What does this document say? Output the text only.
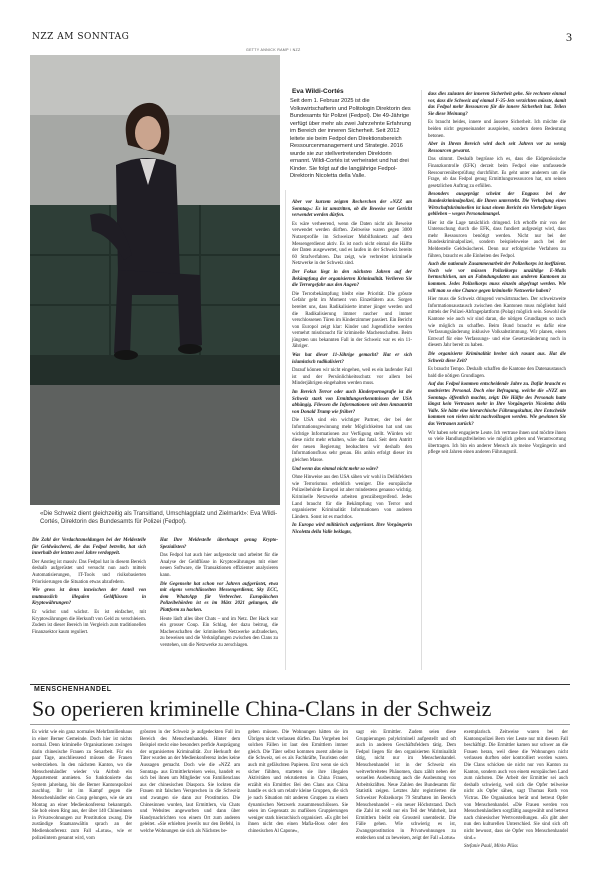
NZZ AM SONNTAG	3
GETTY ANNICK RAMP / NZZ
«Die Schweiz dient gleichzeitig als Transitland, Umschlagplatz und Zielmarkt»: Eva Wildi-Cortés, Direktorin des Bundesamts für Polizei (Fedpol).
Eva Wildi-Cortés
Seit dem 1. Februar 2025 ist die Volkswirtschafterin und Politologin Direktorin des Bundesamts für Polizei (Fedpol). Die 49-Jährige verfügt über mehr als zwei Jahrzehnte Erfahrung im Bereich der inneren Sicherheit. Seit 2012 leitete sie beim Fedpol den Direktionsbereich Ressourcenmanagement und Strategie. 2016 wurde sie zur stellvertretenden Direktorin ernannt. Wildi-Cortés ist verheiratet und hat drei Kinder. Sie folgt auf die langjährige Fedpol-Direktorin Nicoletta della Valle.

Die Zahl der Verdachtsmeldungen bei der Meldestelle für Geldwäscherei, die das Fedpol betreibt, hat sich innerhalb der letzten zwei Jahre verdoppelt.

Der Anstieg ist massiv. Das Fedpol hat in diesem Bereich deshalb aufgerüstet und versucht nun auch mittels Automatisierungen, IT-Tools und risikobasierten Priorisierungen die Situation etwas abzufedern.

Wie gross ist denn inzwischen der Anteil von mutmasslich illegalen Geldflüssen in Kryptowährungen?

Er wächst und wächst. Es ist einfacher, mit Kryptowährungen die Herkunft von Geld zu verschleiern. Zudem ist dieser Bereich im Vergleich zum traditionellen Finanzsektor kaum reguliert.

Hat Ihre Meldestelle überhaupt genug Krypto-Spezialisten?

Das Fedpol hat auch hier aufgestockt und arbeitet für die Analyse der Geldflüsse in Kryptowährungen mit einer neuen Software, die Transaktionen effizienter analysieren kann.

Die Gegenseite hat schon vor Jahren aufgerüstet, etwa mit eigens verschlüsselten Messengerdienst, Sky ECC, dem WhatsApp für Verbrecher. Europäischen Polizeibehörden ist es im März 2021 gelungen, die Plattform zu hacken.

Heute läuft alles über Chats – und im Netz. Der Hack war ein grosser Coup. Ein Schlag, der dazu beitrug, die Machenschaften der kriminellen Netzwerke aufzudecken, zu beweisen und die Verknüpfungen zwischen den Clans zu verstehen, um die Netzwerke zu zerschlagen.

Aber vor kurzem zeigten Recherchen der «NZZ am Sonntag»: Es ist umstritten, ob die Beweise vor Gericht verwendet werden dürfen.

Es wäre verheerend, wenn die Daten nicht als Beweise verwendet werden dürften. Zeitweise waren gegen 3000 Nutzerprofile im Schweizer Mobilfunknetz auf dem Messengerdienst aktiv. Es ist noch nicht einmal die Hälfte der Daten ausgewertet, und es laufen in der Schweiz bereits 60 Strafverfahren. Das zeigt, wie verbreitet kriminelle Netzwerke in der Schweiz sind.

Der Fokus liegt in den nächsten Jahren auf der Bekämpfung der organisierten Kriminalität. Verlieren Sie die Terrorgefahr aus den Augen?

Die Terrorbekämpfung bleibt eine Priorität. Die grösste Gefahr geht im Moment von Einzeltätern aus. Sorgen bereitet uns, dass Radikalisierte immer jünger werden und die Radikalisierung immer rascher und immer verschlossenen Türen im Kinderzimmer passiert. Ein Bericht von Europol zeigt klar: Kinder und Jugendliche werden vermehrt missbraucht für kriminelle Machenschaften. Beim jüngsten uns bekannten Fall in der Schweiz war es ein 11-Jähriger.

Was hat dieser 11-Jährige gemacht? Hat er sich islamistisch radikalisiert?

Darauf können wir nicht eingehen, weil es ein laufender Fall ist und der Persönlichkeitsschutz vor allem bei Minderjährigen eingehalten werden muss.

Im Bereich Terror oder auch Kinderpornografie ist die Schweiz stark von Ermittlungserkenntnissen der USA abhängig. Fliessen die Informationen seit dem Amtsantritt von Donald Trump wie früher?

Die USA sind ein wichtiger Partner, der bei der Informationsgewinnung mehr Möglichkeiten hat und uns wichtige Informationen zur Verfügung stellt. Würden wir diese nicht mehr erhalten, wäre das fatal. Seit dem Antritt der neuen Regierung beobachten wir deshalb den Informationsfluss sehr genau. Bis anhin erfolgt dieser im gleichen Masse.

Und wenn das einmal nicht mehr so wäre?

Ohne Hinweise aus den USA sähen wir wohl in Delikfeldern wie Terrorismus erheblich weniger. Die europäische Polizeibehörde Europol ist aber mindestens genauso wichtig. Kriminelle Netzwerke arbeiten grenzübergreifend. Jedes Land braucht für die Bekämpfung von Terror und organisierter Kriminalität Informationen von anderen Ländern. Sonst ist es machtlos.

In Europa wird militärisch aufgerüstet. Ihre Vorgängerin Nicoletta della Valle beklagte,

dass dies zulasten der inneren Sicherheit gehe. Sie rechnete einmal vor, dass die Schweiz auf einmal F-35-Jets verzichten müsste, damit das Fedpol mehr Ressourcen für die innere Sicherheit hat. Teilen Sie diese Meinung?

Es braucht beides, innere und äussere Sicherheit. Ich möchte die beiden nicht gegeneinander ausspielen, sondern deren Bedeutung betonen.

Aber in Ihrem Bereich wird doch seit Jahren vor zu wenig Ressourcen gewarnt.

Das stimmt. Deshalb begrüsse ich es, dass die Eidgenössische Finanzkontrolle (EFK) derzeit beim Fedpol eine umfassende Ressourcenüberprüfung durchführt. Es geht unter anderem um die Frage, ob das Fedpol genug Ermittlungsressourcen hat, um seinen gesetzlichen Auftrag zu erfüllen.

Besonders ausgeprägt scheint der Engpass bei der Bundeskriminalpolizei, die Ihnen untersteht. Die Verhaftung eines Wirtschaftskriminellen ist kaut einem Bericht ein Vierteljahr liegen geblieben – wegen Personalmangel.

Hier ist die Lage tatsächlich dringend. Ich erhoffe mir von der Untersuchung durch die EFK, dass fundiert aufgezeigt wird, dass mehr Ressourcen benötigt werden. Nicht nur bei der Bundeskriminalpolizei, sondern beispielsweise auch bei der Meldestelle Geldwäscherei. Denn nur erfolgreiche Verfahren zu führen, braucht es alle Einheiten des Fedpol.

Auch die nationale Zusammenarbeit der Polizeikorps ist ineffizient. Noch wie vor müssen Polizeikorps unzählige E-Mails hermschicken, um an Fahndungsdaten aus anderen Kantonen zu kommen. Jedes Polizeikorps muss einzeln abgefragt werden. Wie will man so eine Chance gegen kriminelle Netzwerke haben?

Hier muss die Schweiz dringend vorwärtsmachen. Der schweizweite Informationsaustausch zwischen den Kantonen muss mögliehst bald mittels der Polizei-Abfrageplattform (Polap) möglich sein. Sowohl die Kantone wie auch wir sind daran, die nötigen Grundlagen so rasch wie möglich zu schaffen. Beim Bund braucht es dafür eine Verfassungsänderung inklusive Volksabstimmung. Wir planen, einen Entwurf für eine Verfassungs- und eine Gesetzesänderung noch in diesem Jahr bereit zu haben.

Die organisierte Kriminalität breitet sich rasant aus. Hat die Schweiz diese Zeit?

Es braucht Tempo. Deshalb schaffen die Kantone den Datenaustausch bald die nötigen Grundlagen.

Auf das Fedpol kommen entscheidende Jahre zu. Dafür braucht es motiviertes Personal. Doch eine Befragung, welche die «NZZ am Sonntag» öffentlich machte, zeigt: Die Hälfte des Personals hatte längst kein Vertrauen mehr in Ihre Vorgängerin Nicoletta della Valle. Sie hätte eine hierarchische Führungskultur, ihre Entscheide kommen von vielen nicht nachvollzogen werden. Wie gewinnen Sie das Vertrauen zurück?

Wir haben sehr engagierte Leute. Ich vertraue ihnen und möchte ihnen so viele Handlungsfreiheiten wie möglich geben und Verantwortung übertragen. Ich bin ein anderer Mensch als meine Vorgängerin und pflege seit Jahren einen anderen Führungsstil.

MENSCHENHANDEL
So operieren kriminelle China-Clans in der Schweiz

Es wirkt wie ein ganz normales Mehrfamilienhaus in einer Berner Gemeinde. Doch hier ist nichts normal. Denn kriminelle Organisationen zwingen darin chinesische Frauen zu Sexarbeit. Für ein paar Tage, anschliessend müssen die Frauen weiterziehen. In den nächsten Kanton, wo die Menschenhändler wieder via Airbnb ein Appartement anmieten. So funktionierte das System jahrelang, bis die Berner Kantonspolizei zuschlug. Ihr ist im Kampf gegen die Menschenhändler ein Coup gelungen, wie sie am Montag an einer Medienkonferenz bekanntgab. Sie hob einen Ring aus, der über 140 Chinesinnen in Privatwohnungen zur Prostitution zwang. Die zuständige Staatsanwältin sprach an der Medienkonferenz zum Fall «Lotus», wie er polizeiintern genannt wird, vom

grössten in der Schweiz je aufgedeckten Fall im Bereich des Menschenhandels. Hinter dem Beispiel steckt eine besonders perfide Ausprägung der organisierten Kriminalität. Zur Herkunft der Täter wurden an der Medienkonferenz indes keine Aussagen gemacht. Doch wie die «NZZ am Sonntag» aus Ermittlerkreisen weiss, handelt es sich bei ihnen um Mitglieder von Familienclans aus der chinesischen Diaspora. Sie lockten die Frauen mit falschen Versprechen in die Schweiz und zwangen sie dann zur Prostitution. Die Chinesinnen wurden, laut Ermittlern, via Chats und Websites angeworben und dann über Handynachrichten von einem Ort zum anderen geleitet. «Sie erhielten jeweils nur den Befehl, in welche Wohnungen sie sich als Nächstes be-

geben müssen. Die Wohnungen hätten sie im Übrigen nicht verlassen dürfen. Das Vorgehen bei solchen Fällen ist laut den Ermittlern immer gleich. Die Täter selbst kommen zuerst alleine in die Schweiz, sei es als Fachkräfte, Touristen oder auch mit gefälschten Papieren. Erst wenn sie sich sicher fühlten, starteten sie ihre illegalen Aktivitäten und rekrutierten in China Frauen, erzählt ein Ermittler. Bei den Clans aus China handle es sich um relativ kleine Gruppen, die sich je nach Situation mit anderen Gruppen zu einem dynamischen Netzwerk zusammenschlössen. Sie seien im Gegensatz zu mafiösen Gruppierungen weniger stark hierarchisch organisiert. «Es gibt bei ihnen nicht den einen Mafia-Boss oder den chinesischen Al Capone»,

sagt ein Ermittler. Zudem seien diese Gruppierungen polykriminell aufgestellt und oft auch in anderen Geschäftsfeldern tätig. Dem Fedpol liegen für den organisierten Kriminalität tätig, nicht nur im Menschenhandel. Menschenhandel ist in der Schweiz ein weitverbreitetes Phänomen, dazu zählt neben der sexuellen Ausbeutung auch die Ausbeutung von Arbeitskräften. Neue Zahlen des Bundesamts für Statistik zeigen. Letztes Jahr registrierten die Schweizer Polizeikorps 79 Straftaten im Bereich Menschenhandel – ein neuer Höchststand. Doch die Zahl ist wohl nur ein Teil der Wahrheit, laut Ermittlern bleibt ein Grossteil unentdeckt. Die Fälle gehen. Wie schwierig es ist, Zwangsprostitution in Privatwohnungen zu entdecken und zu beweisen, zeigt der Fall «Lotus»

exemplarisch. Zeitweise waren bei der Kantonspolizei Bern vier Leute nur mit diesem Fall beschäftigt. Die Ermittler kamen nur schwer an die Frauen heran, weil diese die Wohnungen nicht verlassen durften oder kontrolliert worden waren. Die Clans schicken sie nicht nur von Kanton zu Kanton, sondern auch von einem europäischen Land zum nächsten. Die Arbeit der Ermittler sei auch deshalb schwierig, weil sich die Opfer teilweise nicht als Opfer sähen, sagt Thomas Roth von Victras. Die Organisation berät und betreut Opfer von Menschenhandel. «Die Frauen werden von Menschenhändlern sorgfältig ausgewählt und betreut nach chinesischer Wertvorstellungen. «Es gibt aber nun den kulturellen Unterschied. Sie sind sich oft nicht bewusst, dass sie Opfer von Menschenhandel sind.»

Stefanie Pauli, Mirko Plüss
